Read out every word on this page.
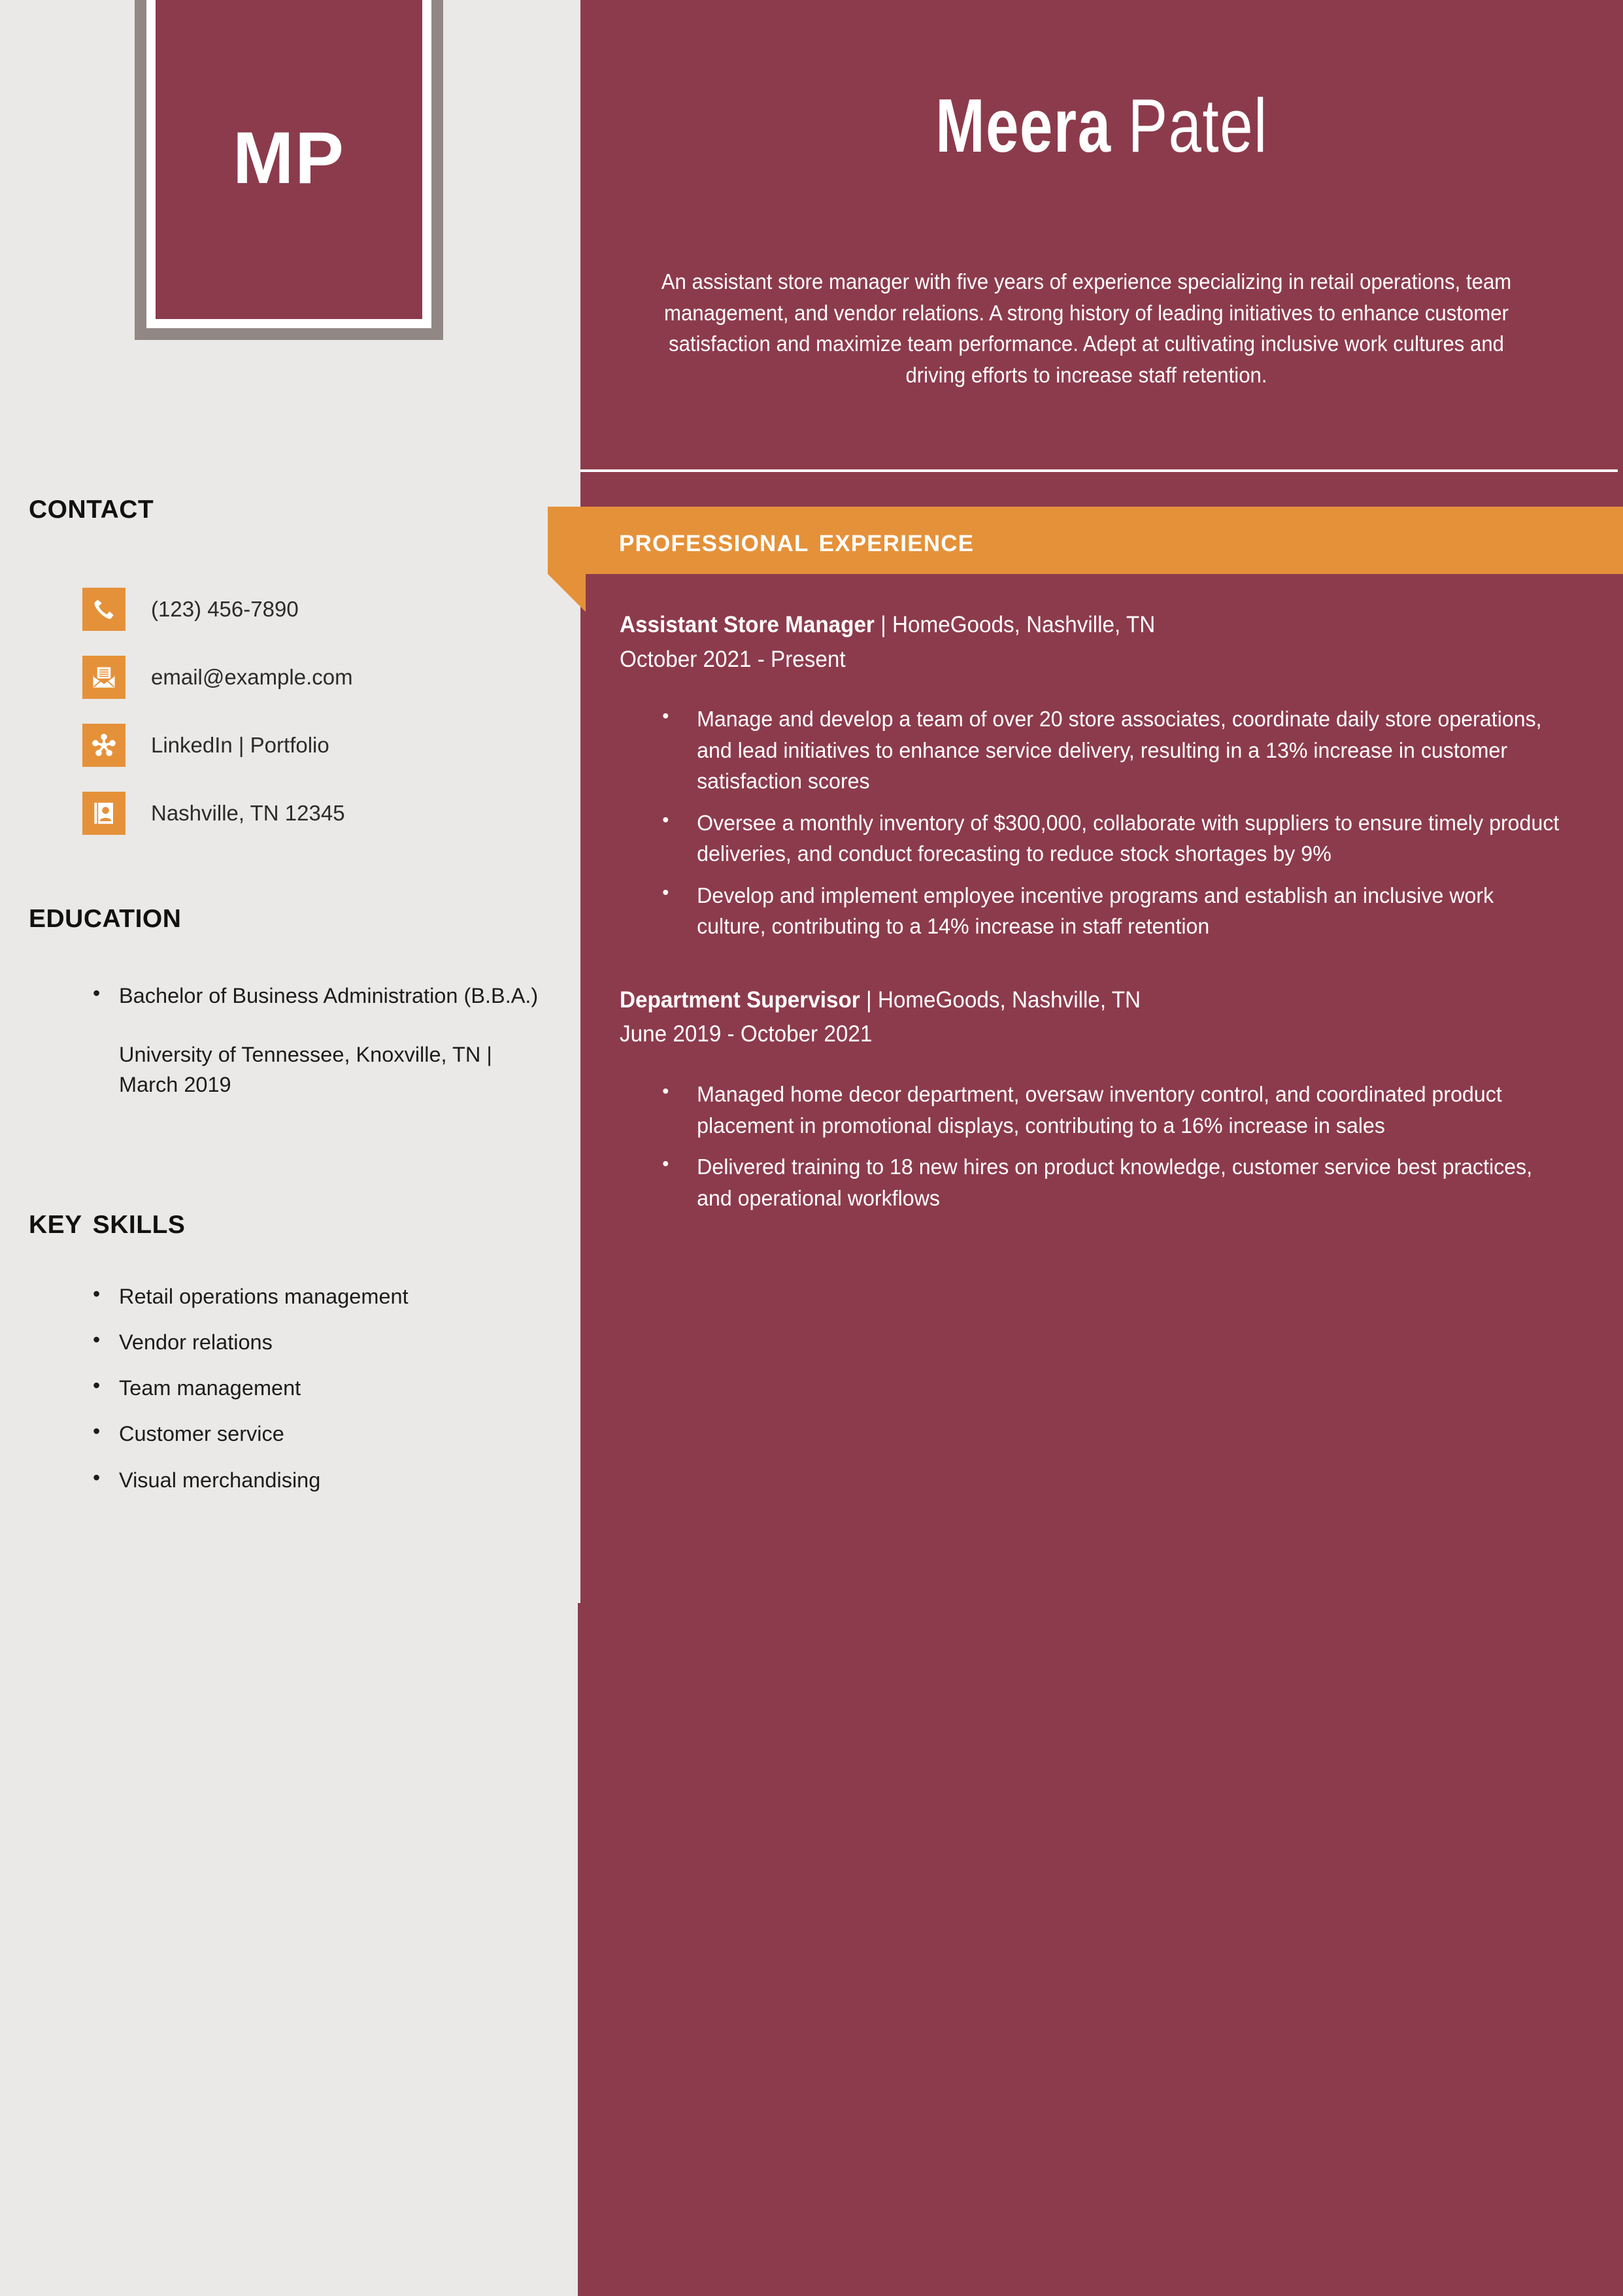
MP	Meera Patel
An assistant store manager with five years of experience specializing in retail operations, team management, and vendor relations. A strong history of leading initiatives to enhance customer satisfaction and maximize team performance. Adept at cultivating inclusive work cultures and driving efforts to increase staff retention.
professional experience
contact
education
key skills
(123) 456-7890
email@example.com
LinkedIn | Portfolio
Nashville, TN 12345
• Bachelor of Business Administration (B.B.A.)
University of Tennessee, Knoxville, TN | March 2019
• Retail operations management
• Vendor relations
• Team management
• Customer service
• Visual merchandising
Assistant Store Manager | HomeGoods, Nashville, TN
October 2021 - Present
• Manage and develop a team of over 20 store associates, coordinate daily store operations, and lead initiatives to enhance service delivery, resulting in a 13% increase in customer satisfaction scores
• Oversee a monthly inventory of $300,000, collaborate with suppliers to ensure timely product deliveries, and conduct forecasting to reduce stock shortages by 9%
• Develop and implement employee incentive programs and establish an inclusive work culture, contributing to a 14% increase in staff retention
Department Supervisor | HomeGoods, Nashville, TN
June 2019 - October 2021
• Managed home decor department, oversaw inventory control, and coordinated product placement in promotional displays, contributing to a 16% increase in sales
• Delivered training to 18 new hires on product knowledge, customer service best practices, and operational workflows
